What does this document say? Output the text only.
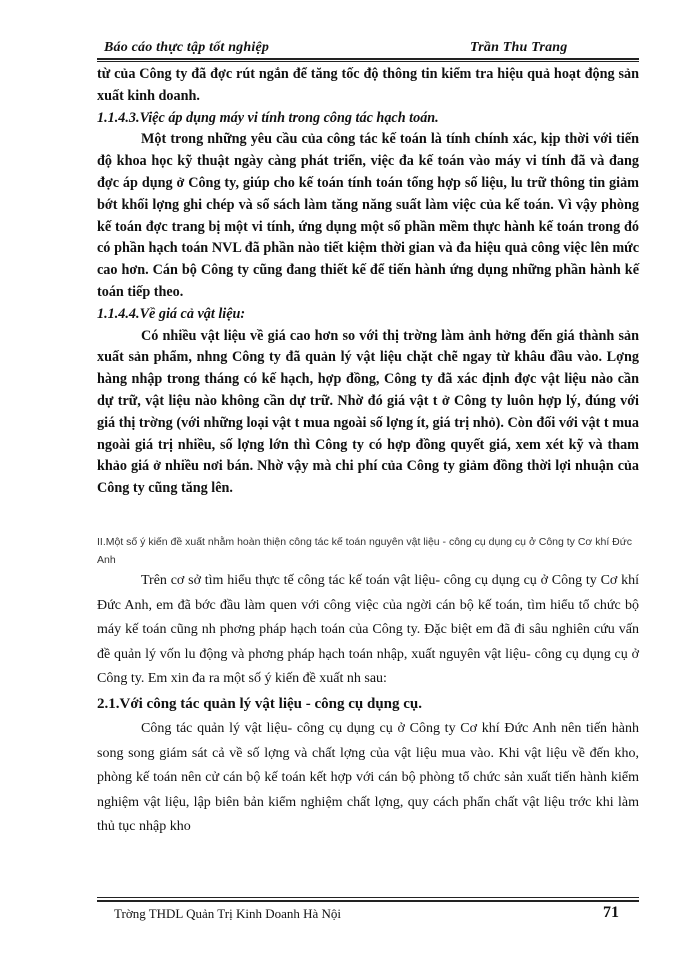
Báo cáo thực tập tốt nghiệp	Trần Thu Trang

từ của Công ty đã đợc rút ngắn để tăng tốc độ thông tin kiểm tra hiệu quả hoạt động sản xuất kinh doanh.

1.1.4.3.Việc áp dụng máy vi tính trong công tác hạch toán.

Một trong những yêu cầu của công tác kế toán là tính chính xác, kịp thời với tiến độ khoa học kỹ thuật ngày càng phát triển, việc đa kế toán vào máy vi tính đã và đang đợc áp dụng ở Công ty, giúp cho kế toán tính toán tổng hợp số liệu, lu trữ thông tin giảm bớt khối lợng ghi chép và sổ sách làm tăng năng suất làm việc của kế toán. Vì vậy phòng kế toán đợc trang bị một vi tính, ứng dụng một số phần mềm thực hành kế toán trong đó có phần hạch toán NVL đã phần nào tiết kiệm thời gian và đa hiệu quả công việc lên mức cao hơn. Cán bộ Công ty cũng đang thiết kế để tiến hành ứng dụng những phần hành kế toán tiếp theo.

1.1.4.4.Về giá cả vật liệu:

Có nhiều vật liệu về giá cao hơn so với thị trờng làm ảnh hởng đến giá thành sản xuất sản phẩm, nhng Công ty đã quản lý vật liệu chặt chẽ ngay từ khâu đầu vào. Lợng hàng nhập trong tháng có kế hạch, hợp đồng, Công ty đã xác định đợc vật liệu nào cần dự trữ, vật liệu nào không cần dự trữ. Nhờ đó giá vật t ở Công ty luôn hợp lý, đúng với giá thị trờng (với những loại vật t mua ngoài số lợng ít, giá trị nhỏ). Còn đối với vật t mua ngoài giá trị nhiều, số lợng lớn thì Công ty có hợp đồng quyết giá, xem xét kỹ và tham khảo giá ở nhiều nơi bán. Nhờ vậy mà chi phí của Công ty giảm đồng thời lợi nhuận của Công ty cũng tăng lên.

II.Một số ý kiến đề xuất nhằm hoàn thiện công tác kế toán nguyên vật liệu - công cụ dụng cụ ở Công ty Cơ khí Đức Anh

Trên cơ sở tìm hiểu thực tế công tác kế toán vật liệu- công cụ dụng cụ ở Công ty Cơ khí Đức Anh, em đã bớc đầu làm quen với công việc của ngời cán bộ kế toán, tìm hiểu tổ chức bộ máy kế toán cũng nh phơng pháp hạch toán của Công ty. Đặc biệt em đã đi sâu nghiên cứu vấn đề quản lý vốn lu động và phơng pháp hạch toán nhập, xuất nguyên vật liệu- công cụ dụng cụ ở Công ty. Em xin đa ra một số ý kiến đề xuất nh sau:

2.1.Với công tác quản lý vật liệu - công cụ dụng cụ.

Công tác quản lý vật liệu- công cụ dụng cụ ở Công ty Cơ khí Đức Anh nên tiến hành song song giám sát cả về số lợng và chất lợng của vật liệu mua vào. Khi vật liệu về đến kho, phòng kế toán nên cử cán bộ kế toán kết hợp với cán bộ phòng tổ chức sản xuất tiến hành kiểm nghiệm vật liệu, lập biên bản kiểm nghiệm chất lợng, quy cách phẩn chất vật liệu trớc khi làm thủ tục nhập kho

Trờng THDL Quản Trị Kinh Doanh Hà Nội	71
